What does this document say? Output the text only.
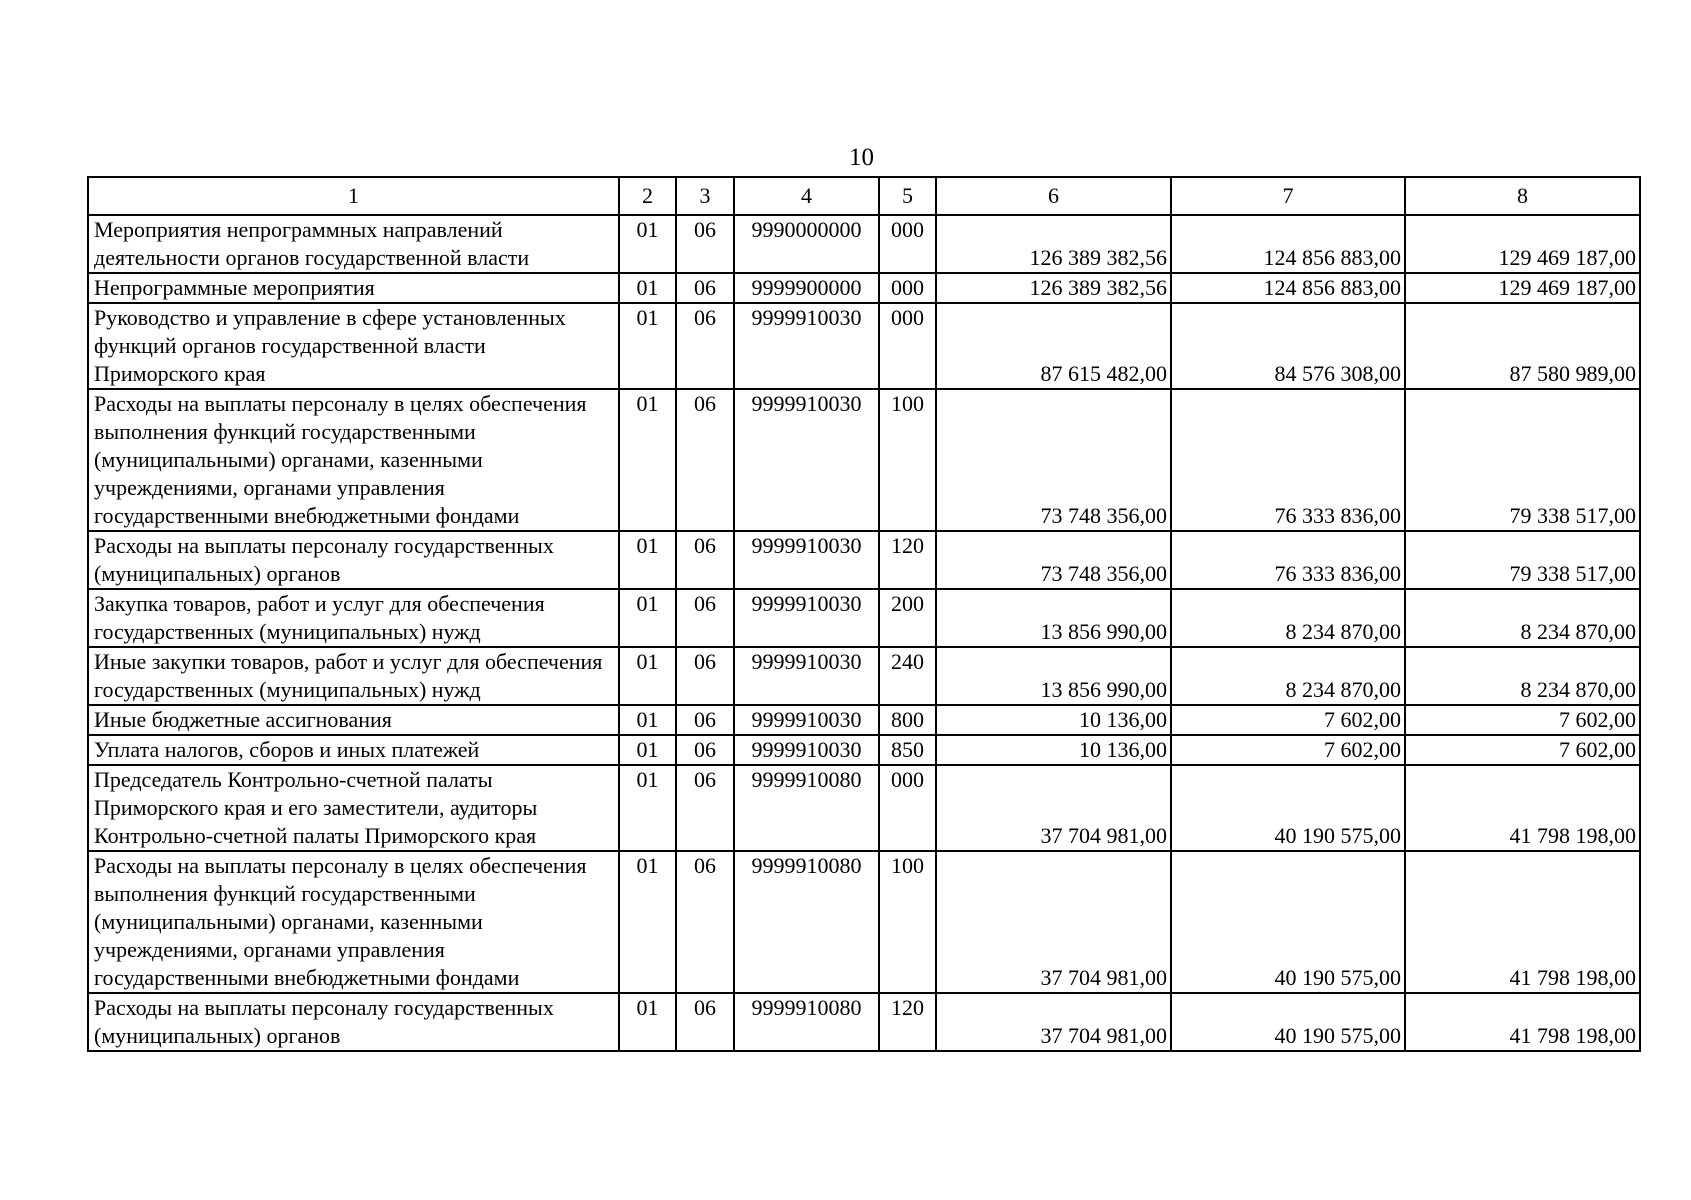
10
1	2	3	4	5	6	7	8
Мероприятия непрограммных направлений деятельности органов государственной власти	01	06	9990000000	000	126 389 382,56	124 856 883,00	129 469 187,00
Непрограммные мероприятия	01	06	9999900000	000	126 389 382,56	124 856 883,00	129 469 187,00
Руководство и управление в сфере установленных функций органов государственной власти Приморского края	01	06	9999910030	000	87 615 482,00	84 576 308,00	87 580 989,00
Расходы на выплаты персоналу в целях обеспечения выполнения функций государственными (муниципальными) органами, казенными учреждениями, органами управления государственными внебюджетными фондами	01	06	9999910030	100	73 748 356,00	76 333 836,00	79 338 517,00
Расходы на выплаты персоналу государственных (муниципальных) органов	01	06	9999910030	120	73 748 356,00	76 333 836,00	79 338 517,00
Закупка товаров, работ и услуг для обеспечения государственных (муниципальных) нужд	01	06	9999910030	200	13 856 990,00	8 234 870,00	8 234 870,00
Иные закупки товаров, работ и услуг для обеспечения государственных (муниципальных) нужд	01	06	9999910030	240	13 856 990,00	8 234 870,00	8 234 870,00
Иные бюджетные ассигнования	01	06	9999910030	800	10 136,00	7 602,00	7 602,00
Уплата налогов, сборов и иных платежей	01	06	9999910030	850	10 136,00	7 602,00	7 602,00
Председатель Контрольно-счетной палаты Приморского края и его заместители, аудиторы Контрольно-счетной палаты Приморского края	01	06	9999910080	000	37 704 981,00	40 190 575,00	41 798 198,00
Расходы на выплаты персоналу в целях обеспечения выполнения функций государственными (муниципальными) органами, казенными учреждениями, органами управления государственными внебюджетными фондами	01	06	9999910080	100	37 704 981,00	40 190 575,00	41 798 198,00
Расходы на выплаты персоналу государственных (муниципальных) органов	01	06	9999910080	120	37 704 981,00	40 190 575,00	41 798 198,00
